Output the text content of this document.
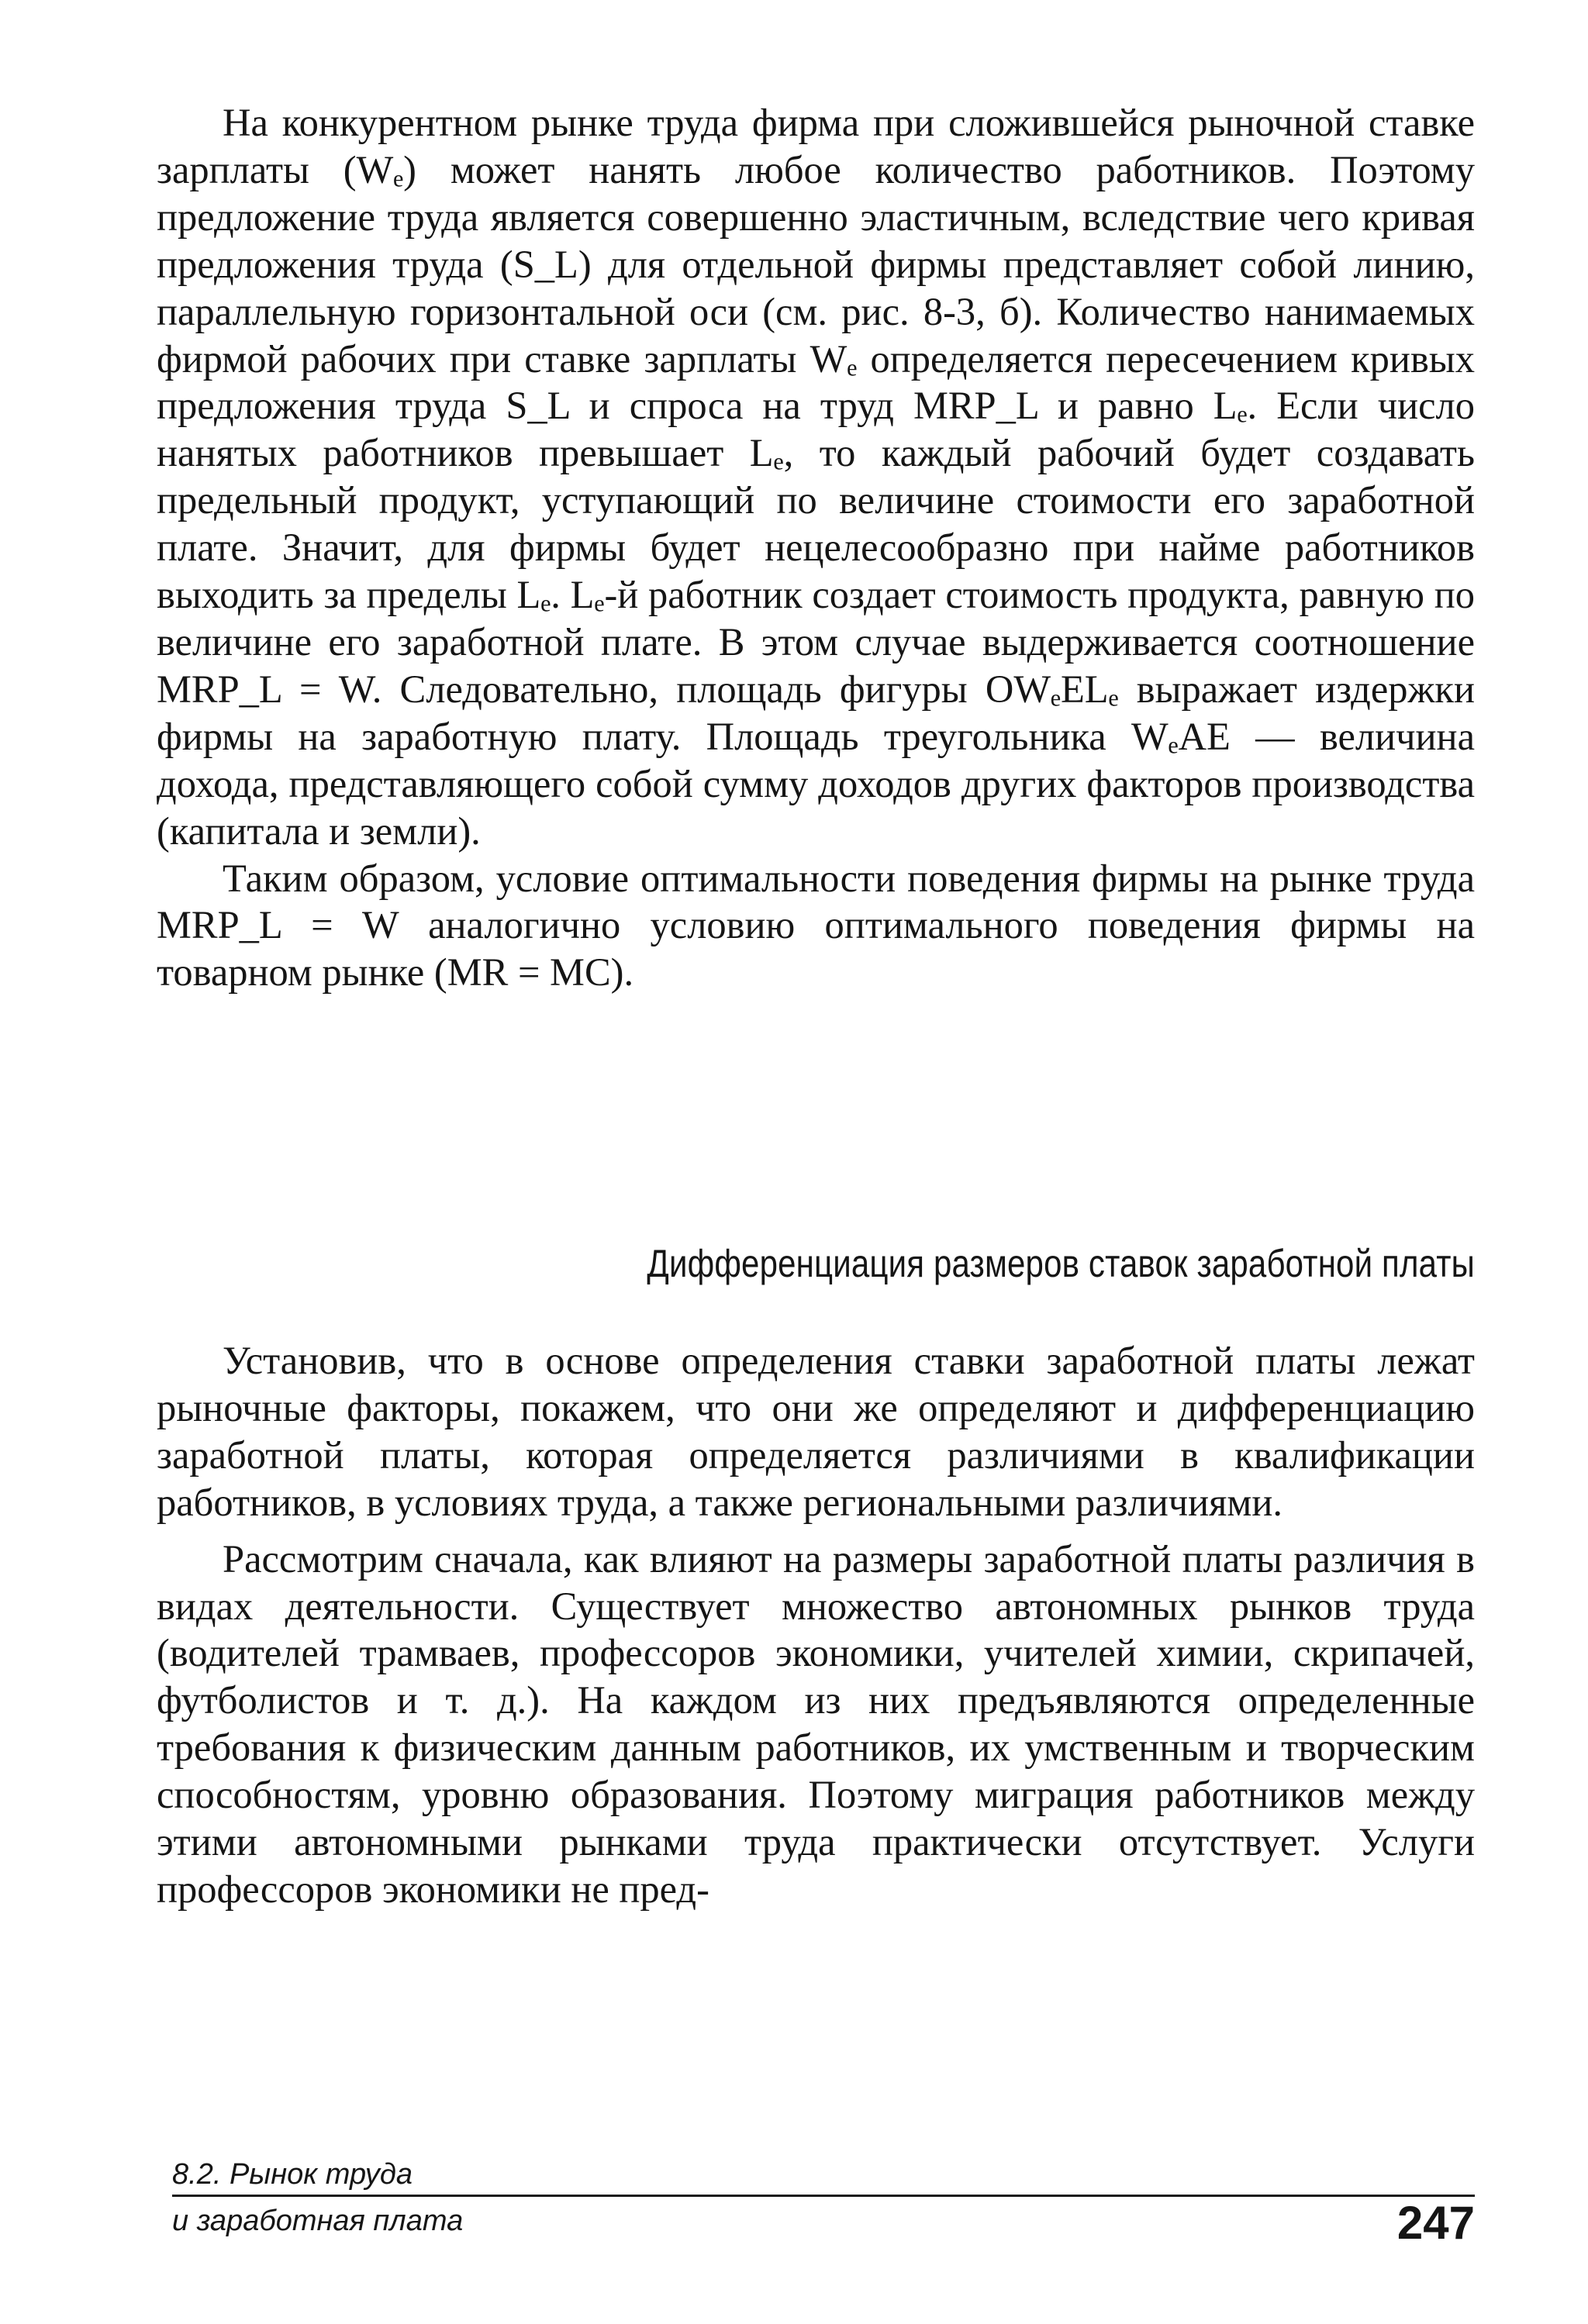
На конкурентном рынке труда фирма при сложившейся рыночной ставке зарплаты (Wₑ) может нанять любое количество работников. Поэтому предложение труда является совершенно эластичным, вследствие чего кривая предложения труда (S_L) для отдельной фирмы представляет собой линию, параллельную горизонтальной оси (см. рис. 8-3, б). Количество нанимаемых фирмой рабочих при ставке зарплаты Wₑ определяется пересечением кривых предложения труда S_L и спроса на труд MRP_L и равно Lₑ. Если число нанятых работников превышает Lₑ, то каждый рабочий будет создавать предельный продукт, уступающий по величине стоимости его заработной плате. Значит, для фирмы будет нецелесообразно при найме работников выходить за пределы Lₑ. Lₑ-й работник создает стоимость продукта, равную по величине его заработной плате. В этом случае выдерживается соотношение MRP_L = W. Следовательно, площадь фигуры OWₑELₑ выражает издержки фирмы на заработную плату. Площадь треугольника WₑAE — величина дохода, представляющего собой сумму доходов других факторов производства (капитала и земли).

Таким образом, условие оптимальности поведения фирмы на рынке труда MRP_L = W аналогично условию оптимального поведения фирмы на товарном рынке (MR = MC).

Дифференциация размеров ставок заработной платы

Установив, что в основе определения ставки заработной платы лежат рыночные факторы, покажем, что они же определяют и дифференциацию заработной платы, которая определяется различиями в квалификации работников, в условиях труда, а также региональными различиями.

Рассмотрим сначала, как влияют на размеры заработной платы различия в видах деятельности. Существует множество автономных рынков труда (водителей трамваев, профессоров экономики, учителей химии, скрипачей, футболистов и т. д.). На каждом из них предъявляются определенные требования к физическим данным работников, их умственным и творческим способностям, уровню образования. Поэтому миграция работников между этими автономными рынками труда практически отсутствует. Услуги профессоров экономики не пред-

8.2. Рынок труда
и заработная плата	247
